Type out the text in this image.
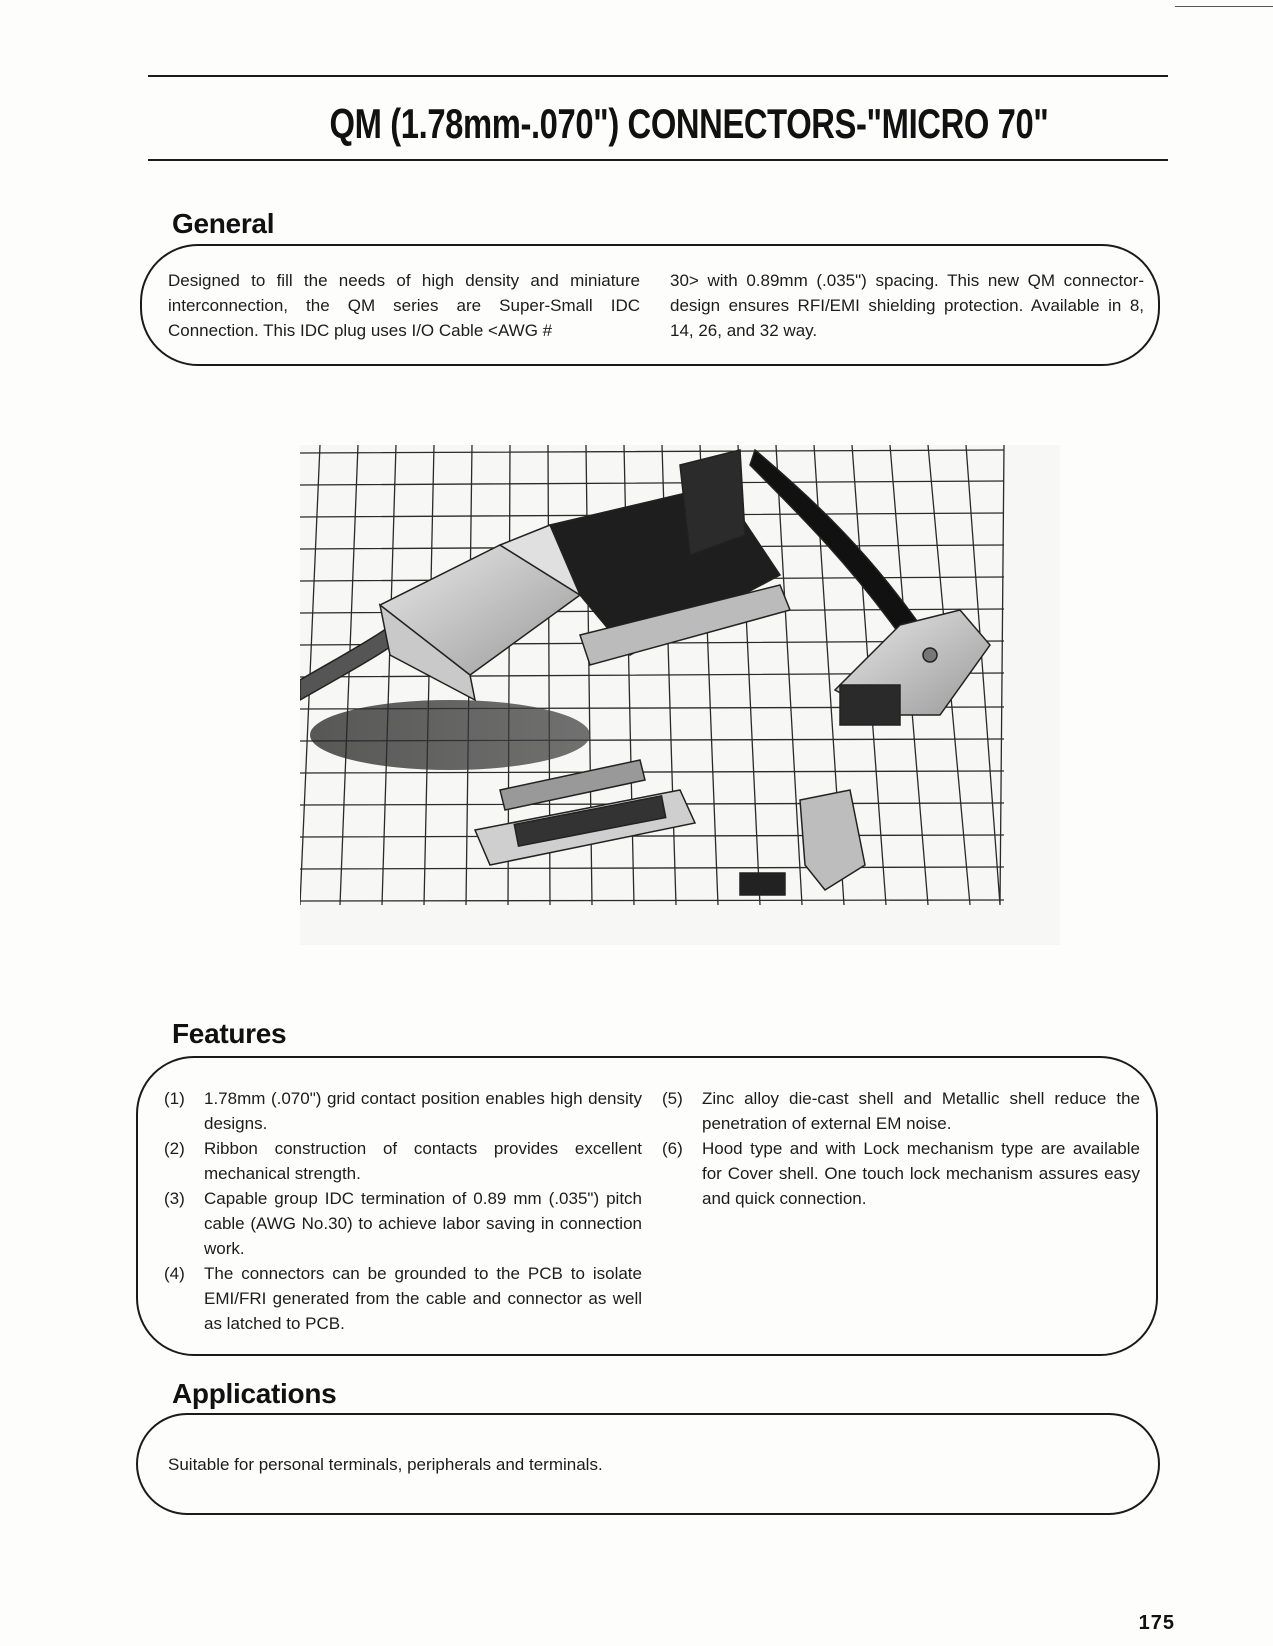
QM (1.78mm-.070") CONNECTORS-"MICRO 70"
General

Designed to fill the needs of high density and miniature interconnection, the QM series are Super-Small IDC Connection. This IDC plug uses I/O Cable <AWG #

30> with 0.89mm (.035") spacing. This new QM connector-design ensures RFI/EMI shielding protection. Available in 8, 14, 26, and 32 way.

Features
(1)	1.78mm (.070") grid contact position enables high density designs.
(2)	Ribbon construction of contacts provides excellent mechanical strength.
(3)	Capable group IDC termination of 0.89 mm (.035") pitch cable (AWG No.30) to achieve labor saving in connection work.
(4)	The connectors can be grounded to the PCB to isolate EMI/FRI generated from the cable and connector as well as latched to PCB.
(5)	Zinc alloy die-cast shell and Metallic shell reduce the penetration of external EM noise.
(6)	Hood type and with Lock mechanism type are available for Cover shell. One touch lock mechanism assures easy and quick connection.
Applications
Suitable for personal terminals, peripherals and terminals.
175
